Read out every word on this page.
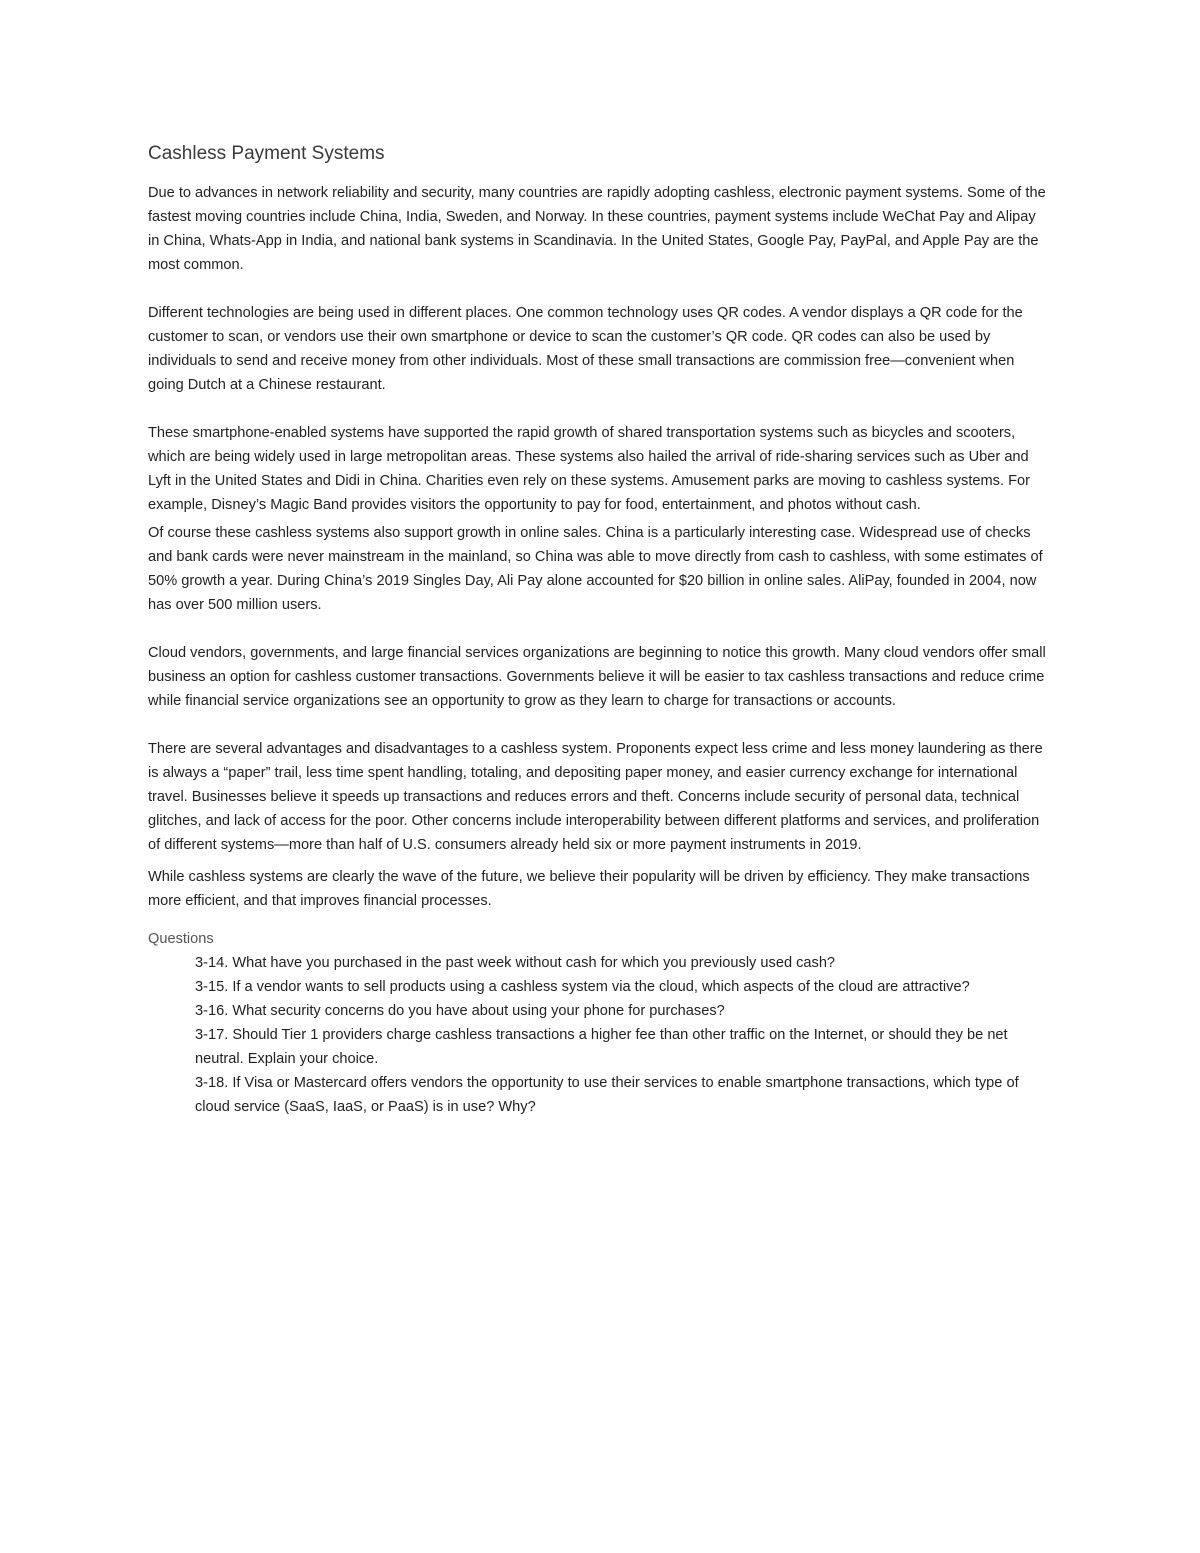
Cashless Payment Systems

Due to advances in network reliability and security, many countries are rapidly adopting cashless, electronic payment systems. Some of the fastest moving countries include China, India, Sweden, and Norway. In these countries, payment systems include WeChat Pay and Alipay in China, Whats-App in India, and national bank systems in Scandinavia. In the United States, Google Pay, PayPal, and Apple Pay are the most common.

Different technologies are being used in different places. One common technology uses QR codes. A vendor displays a QR code for the customer to scan, or vendors use their own smartphone or device to scan the customer’s QR code. QR codes can also be used by individuals to send and receive money from other individuals. Most of these small transactions are commission free—convenient when going Dutch at a Chinese restaurant.

These smartphone-enabled systems have supported the rapid growth of shared transportation systems such as bicycles and scooters, which are being widely used in large metropolitan areas. These systems also hailed the arrival of ride-sharing services such as Uber and Lyft in the United States and Didi in China. Charities even rely on these systems. Amusement parks are moving to cashless systems. For example, Disney’s Magic Band provides visitors the opportunity to pay for food, entertainment, and photos without cash.

Of course these cashless systems also support growth in online sales. China is a particularly interesting case. Widespread use of checks and bank cards were never mainstream in the mainland, so China was able to move directly from cash to cashless, with some estimates of 50% growth a year. During China’s 2019 Singles Day, Ali Pay alone accounted for $20 billion in online sales. AliPay, founded in 2004, now has over 500 million users.

Cloud vendors, governments, and large financial services organizations are beginning to notice this growth. Many cloud vendors offer small business an option for cashless customer transactions. Governments believe it will be easier to tax cashless transactions and reduce crime while financial service organizations see an opportunity to grow as they learn to charge for transactions or accounts.

There are several advantages and disadvantages to a cashless system. Proponents expect less crime and less money laundering as there is always a “paper” trail, less time spent handling, totaling, and depositing paper money, and easier currency exchange for international travel. Businesses believe it speeds up transactions and reduces errors and theft. Concerns include security of personal data, technical glitches, and lack of access for the poor. Other concerns include interoperability between different platforms and services, and proliferation of different systems—more than half of U.S. consumers already held six or more payment instruments in 2019.

While cashless systems are clearly the wave of the future, we believe their popularity will be driven by efficiency. They make transactions more efficient, and that improves financial processes.

Questions
3-14. What have you purchased in the past week without cash for which you previously used cash?
3-15. If a vendor wants to sell products using a cashless system via the cloud, which aspects of the cloud are attractive?
3-16. What security concerns do you have about using your phone for purchases?
3-17. Should Tier 1 providers charge cashless transactions a higher fee than other traffic on the Internet, or should they be net neutral. Explain your choice.
3-18. If Visa or Mastercard offers vendors the opportunity to use their services to enable smartphone transactions, which type of cloud service (SaaS, IaaS, or PaaS) is in use? Why?
